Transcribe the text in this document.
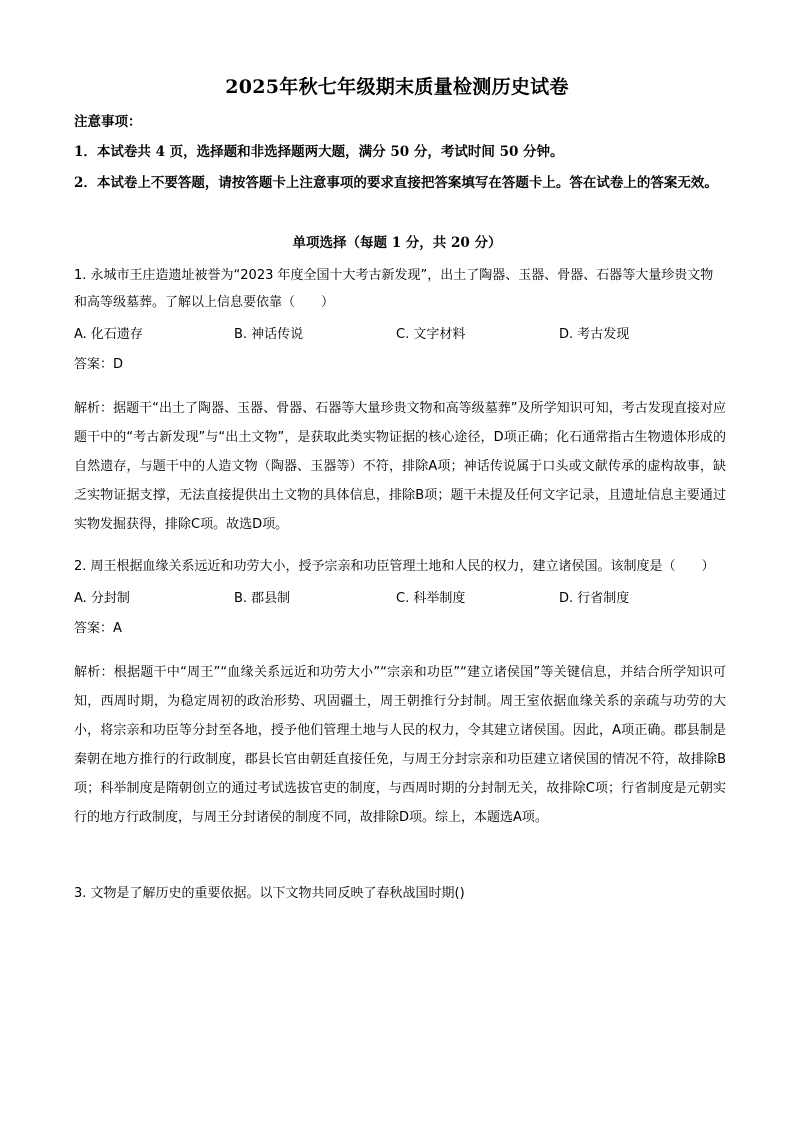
2025年秋七年级期末质量检测历史试卷
注意事项：
1．本试卷共 4 页，选择题和非选择题两大题，满分 50 分，考试时间 50 分钟。
2．本试卷上不要答题，请按答题卡上注意事项的要求直接把答案填写在答题卡上。答在试卷上的答案无效。
单项选择（每题 1 分，共 20 分）
1. 永城市王庄造遗址被誉为“2023 年度全国十大考古新发现”，出土了陶器、玉器、骨器、石器等大量珍贵文物和高等级墓葬。了解以上信息要依靠（　　）
A. 化石遗存	B. 神话传说	C. 文字材料	D. 考古发现
答案：D
解析：据题干“出土了陶器、玉器、骨器、石器等大量珍贵文物和高等级墓葬”及所学知识可知，考古发现直接对应题干中的“考古新发现”与“出土文物”，是获取此类实物证据的核心途径，D项正确；化石通常指古生物遗体形成的自然遗存，与题干中的人造文物（陶器、玉器等）不符，排除A项；神话传说属于口头或文献传承的虚构故事，缺乏实物证据支撑，无法直接提供出土文物的具体信息，排除B项；题干未提及任何文字记录，且遗址信息主要通过实物发掘获得，排除C项。故选D项。
2. 周王根据血缘关系远近和功劳大小，授予宗亲和功臣管理土地和人民的权力，建立诸侯国。该制度是（　　）
A. 分封制	B. 郡县制	C. 科举制度	D. 行省制度
答案：A
解析：根据题干中“周王”“血缘关系远近和功劳大小”“宗亲和功臣”“建立诸侯国”等关键信息，并结合所学知识可知，西周时期，为稳定周初的政治形势、巩固疆土，周王朝推行分封制。周王室依据血缘关系的亲疏与功劳的大小，将宗亲和功臣等分封至各地，授予他们管理土地与人民的权力，令其建立诸侯国。因此，A项正确。郡县制是秦朝在地方推行的行政制度，郡县长官由朝廷直接任免，与周王分封宗亲和功臣建立诸侯国的情况不符，故排除B项；科举制度是隋朝创立的通过考试选拔官吏的制度，与西周时期的分封制无关，故排除C项；行省制度是元朝实行的地方行政制度，与周王分封诸侯的制度不同，故排除D项。综上，本题选A项。
3. 文物是了解历史的重要依据。以下文物共同反映了春秋战国时期()
